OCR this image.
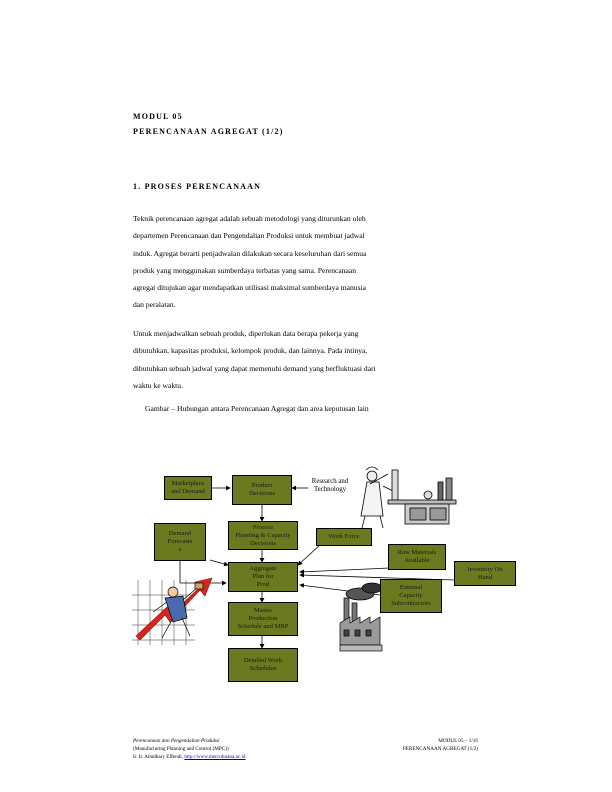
MODUL 05
PERENCANAAN AGREGAT (1/2)
1. PROSES PERENCANAAN
Teknik perencanaan agregat adalah sebuah metodologi yang diturunkan oleh
departemen Perencanaan dan Pengendalian Produksi untuk membuat jadwal
induk. Agregat berarti penjadwalan dilakukan secara keseluruhan dari semua
produk yang menggunakan sumberdaya terbatas yang sama. Perencanaan
agregat ditujukan agar mendapatkan utilisasi maksimal sumberdaya manusia
dan peralatan.
Untuk menjadwalkan sebuah produk, diperlukan data berapa pekerja yang
dibutuhkan, kapasitas produksi, kelompok produk, dan lainnya. Pada intinya,
dibutuhkan sebuah jadwal yang dapat memenuhi demand yang berfluktuasi dari
waktu ke waktu.
Gambar – Hubungan antara Perencanaan Agregat dan area keputusan lain
Marketplace
and Demand
Product
Decisions
Research and
Technology
Demand
Forecasts
s
Process
Planning & Capacity
Decisions
Work Force
Raw Materials
Available
Inventory On
Hand
Aggregate
Plan for
Prod	External
Capacity
Subcontractors
Master
Production
Schedule and MRP
Detailed Work
Schedules
Perencanaan dan Pengendalian Produksi
(Manufacturing Planning and Control (MPC))
Ir. Ir. Abudhary Effendi, http://www.mercubuana.ac.id
MODUL 05 – 1/16
PERENCANAAN AGREGAT (1/2)
